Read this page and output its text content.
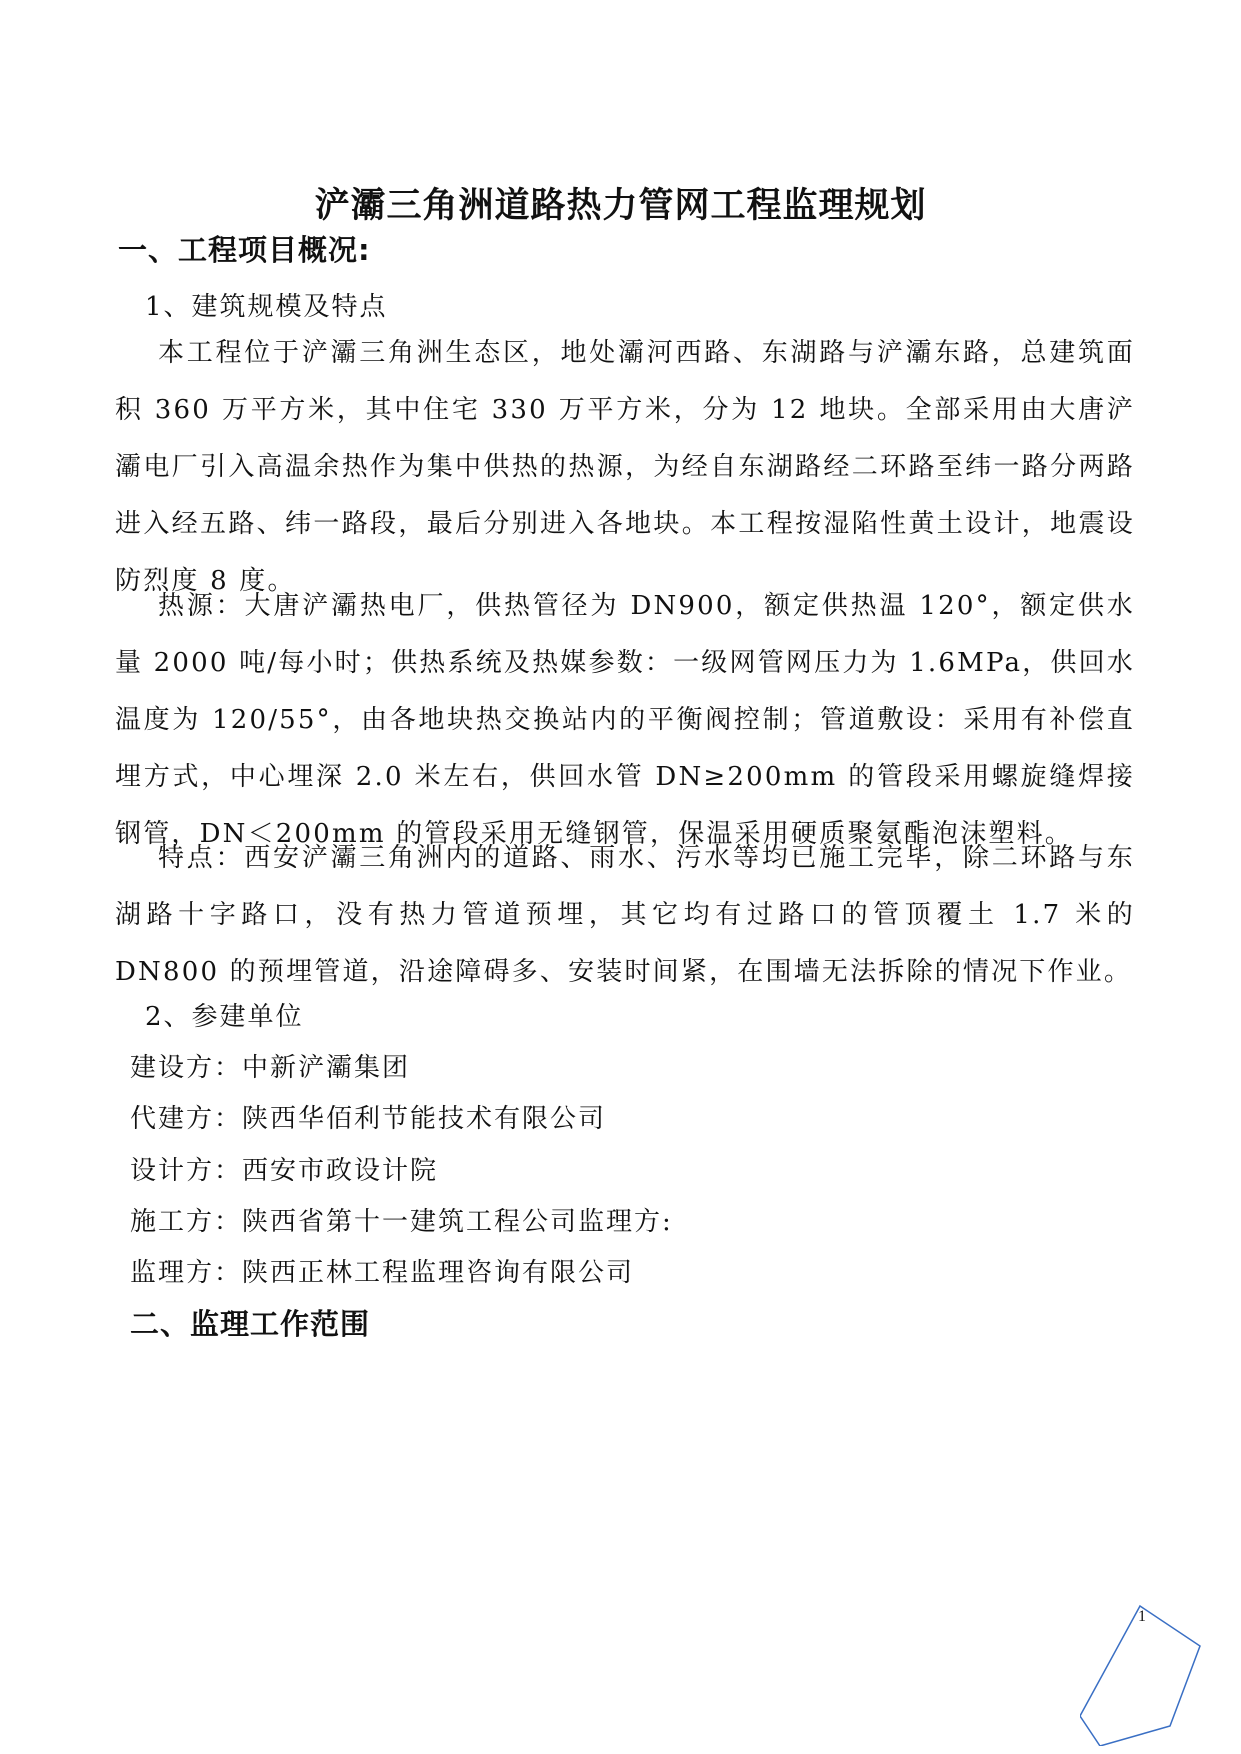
浐灞三角洲道路热力管网工程监理规划
一、工程项目概况:

1、建筑规模及特点

本工程位于浐灞三角洲生态区，地处灞河西路、东湖路与浐灞东路，总建筑面积 360 万平方米，其中住宅 330 万平方米，分为 12 地块。全部采用由大唐浐灞电厂引入高温余热作为集中供热的热源，为经自东湖路经二环路至纬一路分两路进入经五路、纬一路段，最后分别进入各地块。本工程按湿陷性黄土设计，地震设防烈度 8 度。

热源：大唐浐灞热电厂，供热管径为 DN900，额定供热温 120°，额定供水量 2000 吨/每小时；供热系统及热媒参数：一级网管网压力为 1.6MPa，供回水温度为 120/55°，由各地块热交换站内的平衡阀控制；管道敷设：采用有补偿直埋方式，中心埋深 2.0 米左右，供回水管 DN≥200mm 的管段采用螺旋缝焊接钢管，DN＜200mm 的管段采用无缝钢管，保温采用硬质聚氨酯泡沫塑料。

特点：西安浐灞三角洲内的道路、雨水、污水等均已施工完毕，除二环路与东湖路十字路口，没有热力管道预埋，其它均有过路口的管顶覆土 1.7 米的 DN800 的预埋管道，沿途障碍多、安装时间紧，在围墙无法拆除的情况下作业。

2、参建单位

建设方：中新浐灞集团

代建方：陕西华佰利节能技术有限公司

设计方：西安市政设计院

施工方：陕西省第十一建筑工程公司监理方:

监理方：陕西正林工程监理咨询有限公司

二、监理工作范围
1
